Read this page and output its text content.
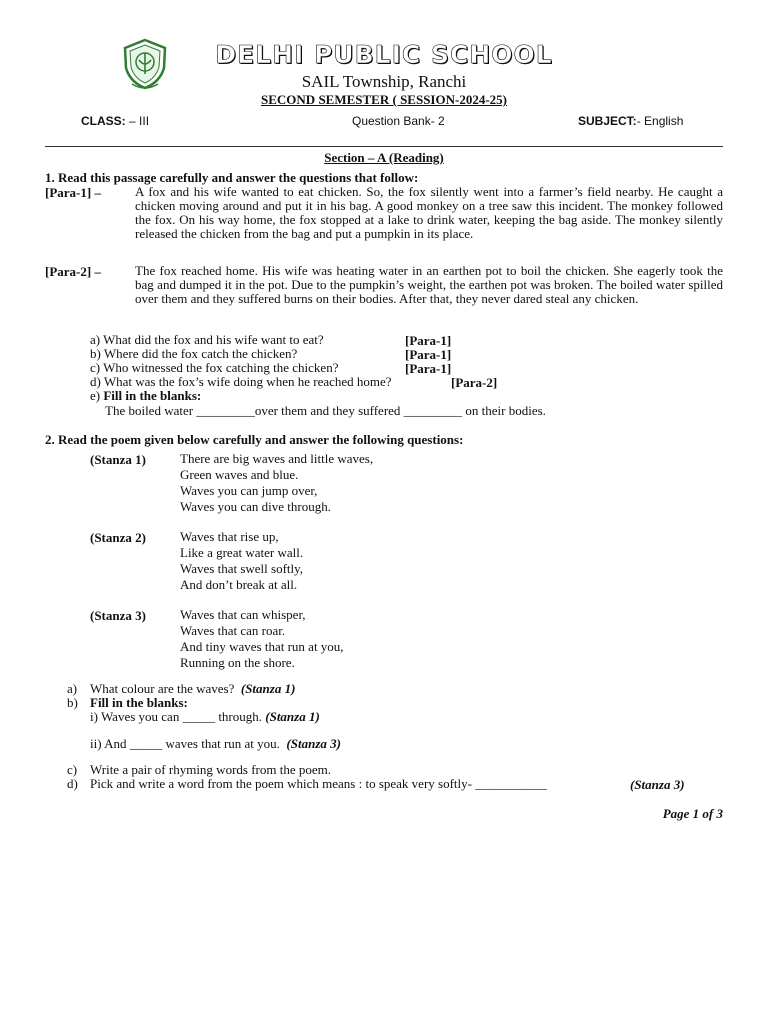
DELHI PUBLIC SCHOOL
SAIL Township, Ranchi
SECOND SEMESTER ( SESSION-2024-25)
CLASS: – III	Question Bank- 2	SUBJECT:- English
Section – A (Reading)
1. Read this passage carefully and answer the questions that follow:
[Para-1] –	A fox and his wife wanted to eat chicken. So, the fox silently went into a farmer’s field nearby. He caught a chicken moving around and put it in his bag. A good monkey on a tree saw this incident. The monkey followed the fox. On his way home, the fox stopped at a lake to drink water, keeping the bag aside. The monkey silently released the chicken from the bag and put a pumpkin in its place.
[Para-2] –	The fox reached home. His wife was heating water in an earthen pot to boil the chicken. She eagerly took the bag and dumped it in the pot. Due to the pumpkin’s weight, the earthen pot was broken. The boiled water spilled over them and they suffered burns on their bodies. After that, they never dared steal any chicken.
a) What did the fox and his wife want to eat?	[Para-1]
b) Where did the fox catch the chicken?	[Para-1]
c) Who witnessed the fox catching the chicken?	[Para-1]
d) What was the fox’s wife doing when he reached home?	[Para-2]
e) Fill in the blanks:
The boiled water _________over them and they suffered _________ on their bodies.
2. Read the poem given below carefully and answer the following questions:
(Stanza 1)	There are big waves and little waves,
Green waves and blue.
Waves you can jump over,
Waves you can dive through.
(Stanza 2)	Waves that rise up,
Like a great water wall.
Waves that swell softly,
And don’t break at all.
(Stanza 3)	Waves that can whisper,
Waves that can roar.
And tiny waves that run at you,
Running on the shore.
a) What colour are the waves? (Stanza 1)
b) Fill in the blanks:
i) Waves you can _____ through. (Stanza 1)
ii) And _____ waves that run at you. (Stanza 3)
c) Write a pair of rhyming words from the poem.
d) Pick and write a word from the poem which means : to speak very softly- ___________	(Stanza 3)
Page 1 of 3
